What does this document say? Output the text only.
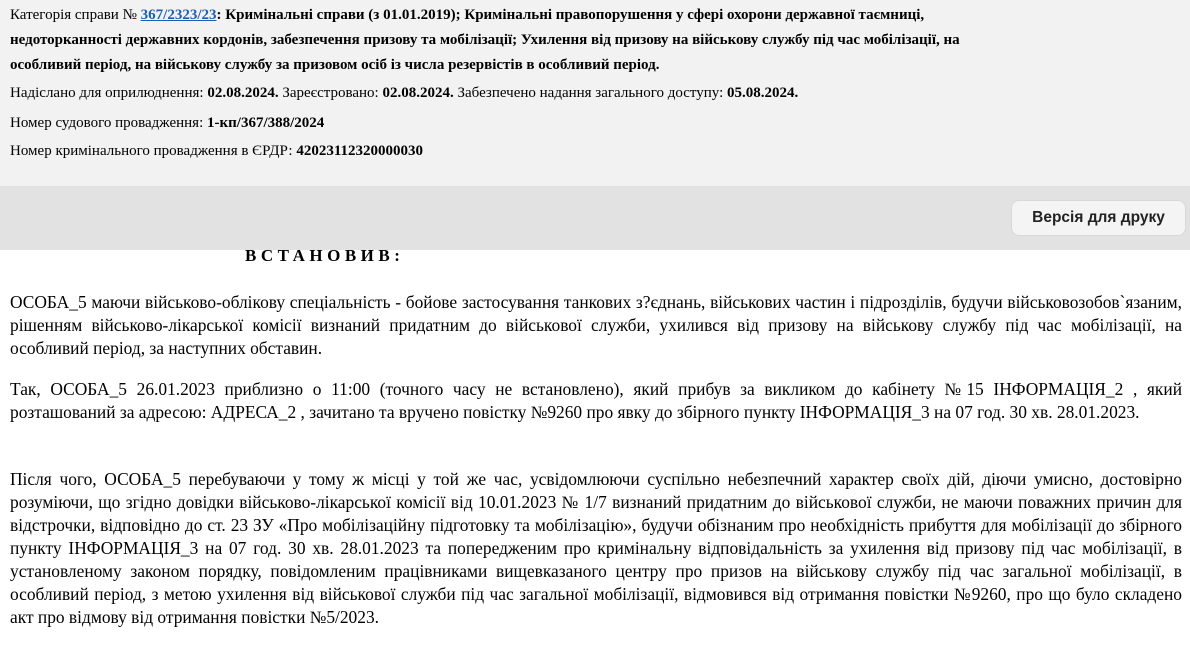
Категорія справи № 367/2323/23: Кримінальні справи (з 01.01.2019); Кримінальні правопорушення у сфері охорони державної таємниці,
недоторканності державних кордонів, забезпечення призову та мобілізації; Ухилення від призову на військову службу під час мобілізації, на
особливий період, на військову службу за призовом осіб із числа резервістів в особливий період.
Надіслано для оприлюднення: 02.08.2024. Зареєстровано: 02.08.2024. Забезпечено надання загального доступу: 05.08.2024.
Номер судового провадження: 1-кп/367/388/2024
Номер кримінального провадження в ЄРДР: 42023112320000030
Версія для друку
ВСТАНОВИВ:
ОСОБА_5 маючи військово-облікову спеціальність - бойове застосування танкових з?єднань, військових частин і підрозділів, будучи військовозобов`язаним, рішенням військово-лікарської комісії визнаний придатним до військової служби, ухилився від призову на військову службу під час мобілізації, на особливий період, за наступних обставин.
Так, ОСОБА_5 26.01.2023 приблизно о 11:00 (точного часу не встановлено), який прибув за викликом до кабінету №15 ІНФОРМАЦІЯ_2 , який розташований за адресою: АДРЕСА_2 , зачитано та вручено повістку №9260 про явку до збірного пункту ІНФОРМАЦІЯ_3 на 07 год. 30 хв. 28.01.2023.
Після чого, ОСОБА_5 перебуваючи у тому ж місці у той же час, усвідомлюючи суспільно небезпечний характер своїх дій, діючи умисно, достовірно розуміючи, що згідно довідки військово-лікарської комісії від 10.01.2023 № 1/7 визнаний придатним до військової служби, не маючи поважних причин для відстрочки, відповідно до ст. 23 ЗУ «Про мобілізаційну підготовку та мобілізацію», будучи обізнаним про необхідність прибуття для мобілізації до збірного пункту ІНФОРМАЦІЯ_3 на 07 год. 30 хв. 28.01.2023 та попередженим про кримінальну відповідальність за ухилення від призову під час мобілізації, в установленому законом порядку, повідомленим працівниками вищевказаного центру про призов на військову службу під час загальної мобілізації, в особливий період, з метою ухилення від військової служби під час загальної мобілізації, відмовився від отримання повістки №9260, про що було складено акт про відмову від отримання повістки №5/2023.
